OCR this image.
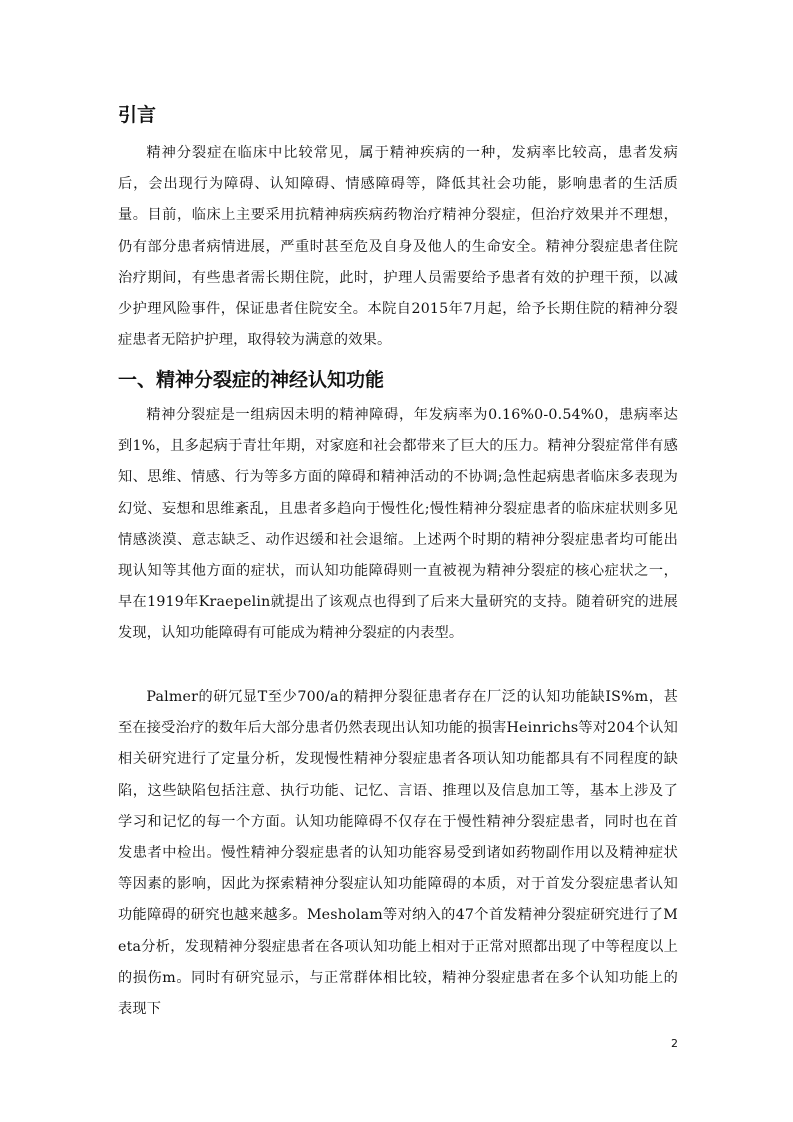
引言

精神分裂症在临床中比较常见，属于精神疾病的一种，发病率比较高，患者发病后，会出现行为障碍、认知障碍、情感障碍等，降低其社会功能，影响患者的生活质量。目前，临床上主要采用抗精神病疾病药物治疗精神分裂症，但治疗效果并不理想，仍有部分患者病情进展，严重时甚至危及自身及他人的生命安全。精神分裂症患者住院治疗期间，有些患者需长期住院，此时，护理人员需要给予患者有效的护理干预，以减少护理风险事件，保证患者住院安全。本院自2015年7月起，给予长期住院的精神分裂症患者无陪护护理，取得较为满意的效果。

一、精神分裂症的神经认知功能

精神分裂症是一组病因未明的精神障碍，年发病率为0.16%0-0.54%0，患病率达到1%，且多起病于青壮年期，对家庭和社会都带来了巨大的压力。精神分裂症常伴有感知、思维、情感、行为等多方面的障碍和精神活动的不协调;急性起病患者临床多表现为幻觉、妄想和思维紊乱，且患者多趋向于慢性化;慢性精神分裂症患者的临床症状则多见情感淡漠、意志缺乏、动作迟缓和社会退缩。上述两个时期的精神分裂症患者均可能出现认知等其他方面的症状，而认知功能障碍则一直被视为精神分裂症的核心症状之一，早在1919年Kraepelin就提出了该观点也得到了后来大量研究的支持。随着研究的进展发现，认知功能障碍有可能成为精神分裂症的内表型。

Palmer的研冗显T至少700/a的精押分裂征患者存在厂泛的认知功能缺IS%m，甚至在接受治疗的数年后大部分患者仍然表现出认知功能的损害Heinrichs等对204个认知相关研究进行了定量分析，发现慢性精神分裂症患者各项认知功能都具有不同程度的缺陷，这些缺陷包括注意、执行功能、记忆、言语、推理以及信息加工等，基本上涉及了学习和记忆的每一个方面。认知功能障碍不仅存在于慢性精神分裂症患者，同时也在首发患者中检出。慢性精神分裂症患者的认知功能容易受到诸如药物副作用以及精神症状等因素的影响，因此为探索精神分裂症认知功能障碍的本质，对于首发分裂症患者认知功能障碍的研究也越来越多。Mesholam等对纳入的47个首发精神分裂症研究进行了M eta分析，发现精神分裂症患者在各项认知功能上相对于正常对照都出现了中等程度以上的损伤m。同时有研究显示，与正常群体相比较，精神分裂症患者在多个认知功能上的表现下

2
